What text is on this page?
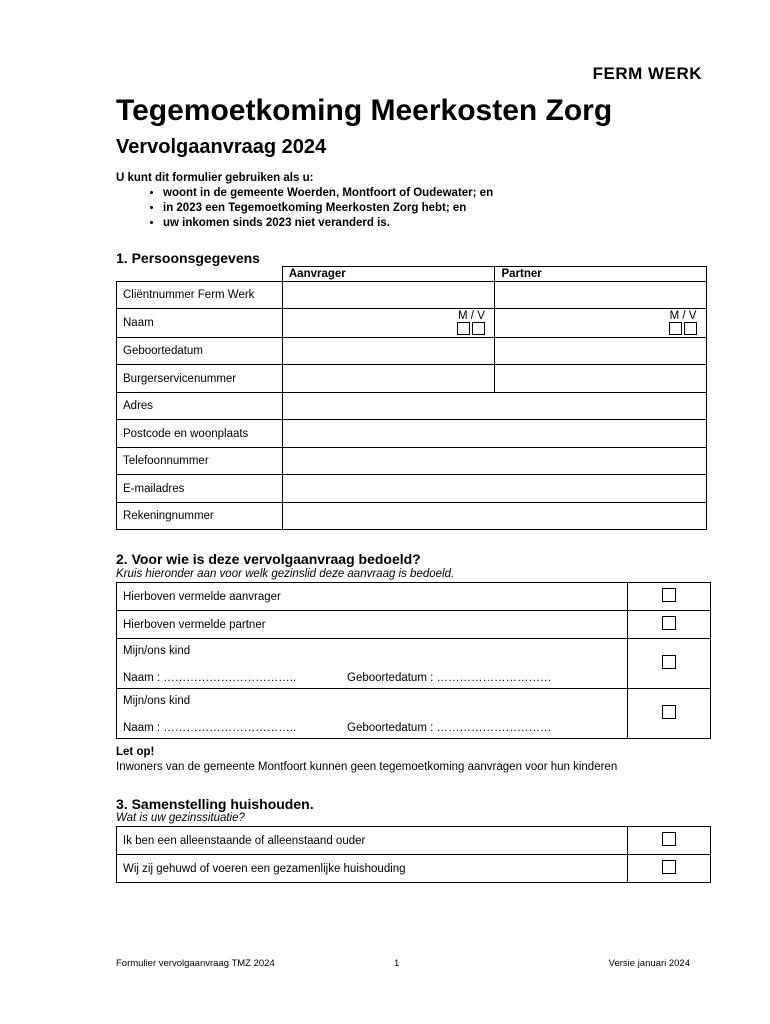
FERM WERK
Tegemoetkoming Meerkosten Zorg
Vervolgaanvraag 2024
U kunt dit formulier gebruiken als u:
• woont in de gemeente Woerden, Montfoort of Oudewater; en
• in 2023 een Tegemoetkoming Meerkosten Zorg hebt; en
• uw inkomen sinds 2023 niet veranderd is.
1. Persoonsgegevens
	Aanvrager	Partner
Cliëntnummer Ferm Werk		
Naam	M / V	M / V

Geboortedatum		
Burgerservicenummer		
Adres		
Postcode en woonplaats		
Telefoonnummer		
E-mailadres		
Rekeningnummer		
2. Voor wie is deze vervolgaanvraag bedoeld?
Kruis hieronder aan voor welk gezinslid deze aanvraag is bedoeld.
Hierboven vermelde aanvrager	
Hierboven vermelde partner	

Mijn/ons kind
Naam : …………………………….. Geboortedatum : …………………………	

Mijn/ons kind
Naam : …………………………….. Geboortedatum : …………………………	

Let op!
Inwoners van de gemeente Montfoort kunnen geen tegemoetkoming aanvragen voor hun kinderen
3. Samenstelling huishouden.
Wat is uw gezinssituatie?
Ik ben een alleenstaande of alleenstaand ouder	
Wij zij gehuwd of voeren een gezamenlijke huishouding	
Formulier vervolgaanvraag TMZ 2024	1	Versie januari 2024
